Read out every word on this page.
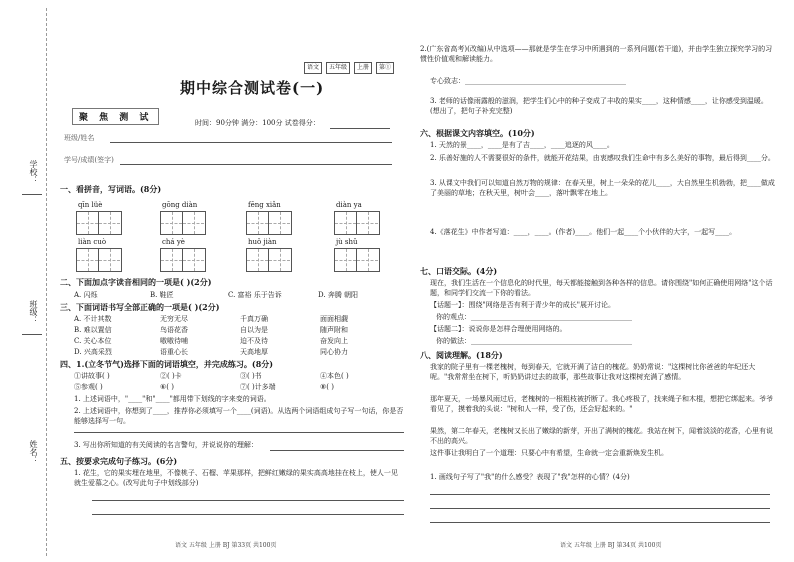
学校：
班级：
姓名：
期中综合测试卷(一)
语文 五年级 上册 第①
聚 焦 测 试	时间：90分钟 满分：100分 试卷得分：
班级/姓名
学号/成绩(签字)
一、看拼音，写词语。(8分)
qīn lüè	gōng diàn	fēng xiǎn	diàn ya
liàn cuò	chá yè	huǒ jiàn	jù shǔ
二、下面加点字读音相同的一项是( )(2分)
A. 闪烁	B. 鞋匠	C. 富裕 乐于告诉	D. 奔腾 朝阳
三、下面词语书写全部正确的一项是( )(2分)
A. 不计其数	无穷无尽	千真万确	面面相觑
B. 难以置信	鸟语花香	自以为是	随声附和
C. 关心本位	嗷嗷待哺	迫不及待	奋发向上
D. 兴高采烈	语重心长	天高地厚	同心协力
四、1.(立冬节气)选择下面的词语填空，并完成练习。(8分)
①讲故事( )	②( )卡	③( )书	④本色( )
⑤参观( )	⑥( )	⑦( )计多端	⑧( )
1. 上述词语中，"____"和"____"都用带下划线的字来变的词语。
2. 上述词语中，你想到了____，推荐你必须填写一个____(词语)。从选两个词语组成句子写一句话，你是否能够选择写一句。
3. 写出你所知道的有关阅读的名言警句，并说说你的理解：
五、按要求完成句子练习。(6分)
1. 花生，它的果实埋在地里，不像桃子、石榴、苹果那样，把鲜红嫩绿的果实高高地挂在枝上，使人一见就生爱慕之心。(改写此句子中划线部分)
语文 五年级 上册 BJ 第33页 共100页
2.(广东省高考)(改编)从中选项——那就是学生在学习中所遇到的一系列问题(若干道)，并由学生独立探究学习的习惯性价值观和解读能力。
专心致志：______________________________________________
3. 老师的话像雨露般的滋润，把学生们心中的种子变成了丰收的果实____，这种情感____，让你感受到温暖。(想出了，把句子补充完整)
六、根据课文内容填空。(10分)
1. 天然的景____，____是有了吉____，____追逐的风____。
2. 乐善好施的人不需要很好的条件，就能开花结果，由衷感叹我们生命中有多么美好的事物，最后得到____分。
3. 从课文中我们可以知道自然万物的规律：在春天里，树上一朵朵的花儿____，大自然里生机勃勃，把____做成了美丽的草地；在秋天里，树叶会____，落叶飘零在地上。
4.《落花生》中作者写道：____，____。(作者)____。他们一起____个小伙伴的大字，一起写____。
七、口语交际。(4分)
现在，我们生活在一个信息化的时代里，每天都能接触到各种各样的信息。请你围绕"如何正确使用网络"这个话题，和同学们交流一下你的看法。
【话题一】：围绕"网络是否有利于青少年的成长"展开讨论。
你的观点：______________________________________________
【话题二】：说说你是怎样合理使用网络的。
你的做法：______________________________________________
八、阅读理解。(18分)
我家的院子里有一棵老槐树，每到春天，它就开满了洁白的槐花。奶奶常说："这棵树比你爸爸的年纪还大呢。"我常常坐在树下，听奶奶讲过去的故事，那些故事让我对这棵树充满了感情。
那年夏天，一场暴风雨过后，老槐树的一根粗枝被折断了。我心疼极了，找来绳子和木棍，想把它绑起来。爷爷看见了，摸着我的头说："树和人一样，受了伤，还会好起来的。"
果然，第二年春天，老槐树又长出了嫩绿的新芽，开出了满树的槐花。我站在树下，闻着淡淡的花香，心里有说不出的高兴。
这件事让我明白了一个道理：只要心中有希望，生命就一定会重新焕发生机。
1. 画线句子写了"我"的什么感受？表现了"我"怎样的心情？(4分)
语文 五年级 上册 BJ 第34页 共100页
